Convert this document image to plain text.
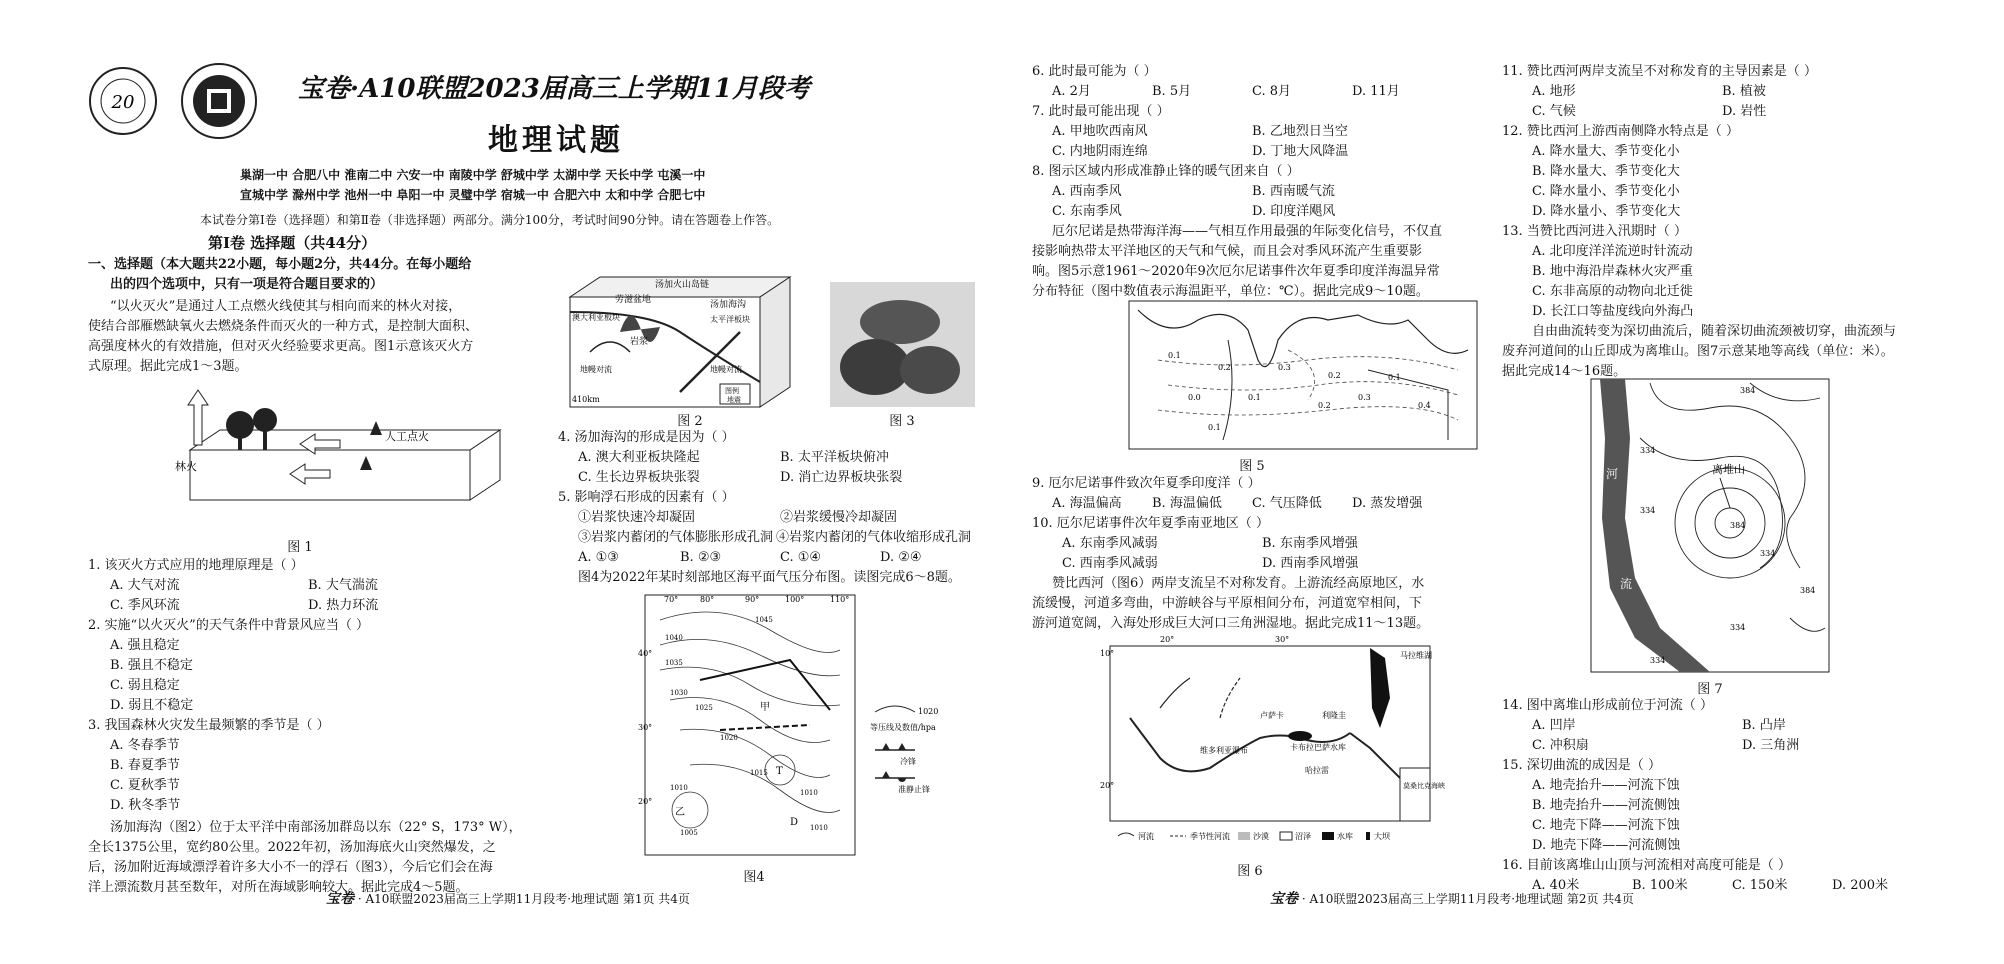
20	宝卷·A10联盟2023届高三上学期11月段考
地理试题
巢湖一中 合肥八中 淮南二中 六安一中 南陵中学 舒城中学 太湖中学 天长中学 屯溪一中
宣城中学 滁州中学 池州一中 阜阳一中 灵璧中学 宿城一中 合肥六中 太和中学 合肥七中
本试卷分第Ⅰ卷（选择题）和第Ⅱ卷（非选择题）两部分。满分100分，考试时间90分钟。请在答题卷上作答。
第Ⅰ卷 选择题（共44分）
一、选择题（本大题共22小题，每小题2分，共44分。在每小题给
出的四个选项中，只有一项是符合题目要求的）
“以火灭火”是通过人工点燃火线使其与相向而来的林火对接，
使结合部雁燃缺氧火去燃烧条件而灭火的一种方式，是控制大面积、
高强度林火的有效措施，但对灭火经验要求更高。图1示意该灭火方
式原理。据此完成1～3题。
林火
人工点火
图 1
1. 该灭火方式应用的地理原理是（ ）
A. 大气对流	B. 大气湍流
C. 季风环流	D. 热力环流
2. 实施“以火灭火”的天气条件中背景风应当（ ）
A. 强且稳定
B. 强且不稳定
C. 弱且稳定
D. 弱且不稳定
3. 我国森林火灾发生最频繁的季节是（ ）
A. 冬春季节
B. 春夏季节
C. 夏秋季节
D. 秋冬季节
汤加海沟（图2）位于太平洋中南部汤加群岛以东（22° S，173° W），
全长1375公里，宽约80公里。2022年初，汤加海底火山突然爆发，之
后，汤加附近海域漂浮着许多大小不一的浮石（图3），今后它们会在海
洋上漂流数月甚至数年，对所在海域影响较大。据此完成4～5题。
汤加火山岛链
汤加海沟
劳滋盆地
澳大利亚板块	太平洋板块
岩浆
地幔对流	地幔对流
410km
图例
地震
图 2	图 3
4. 汤加海沟的形成是因为（ ）
A. 澳大利亚板块隆起	B. 太平洋板块俯冲
C. 生长边界板块张裂	D. 消亡边界板块张裂
5. 影响浮石形成的因素有（ ）
①岩浆快速冷却凝固	②岩浆缓慢冷却凝固
③岩浆内蓄闭的气体膨胀形成孔洞 ④岩浆内蓄闭的气体收缩形成孔洞
A. ①③	B. ②③	C. ①④	D. ②④
图4为2022年某时刻部地区海平面气压分布图。读图完成6～8题。
70°	80°	90°	100°	110°
40°
30°
20°
1045
1040
1035
1030
1025
1020
1015
1010
1005
1010
1010
甲
乙
T
D
1020
等压线及数值/hpa
冷锋
准静止锋
图4
宝卷 · A10联盟2023届高三上学期11月段考·地理试题 第1页 共4页
6. 此时最可能为（ ）
A. 2月	B. 5月	C. 8月	D. 11月
7. 此时最可能出现（ ）
A. 甲地吹西南风	B. 乙地烈日当空
C. 内地阴雨连绵	D. 丁地大风降温
8. 图示区域内形成准静止锋的暖气团来自（ ）
A. 西南季风	B. 西南暖气流
C. 东南季风	D. 印度洋飓风
厄尔尼诺是热带海洋海——气相互作用最强的年际变化信号，不仅直
接影响热带太平洋地区的天气和气候，而且会对季风环流产生重要影
响。图5示意1961～2020年9次厄尔尼诺事件次年夏季印度洋海温异常
分布特征（图中数值表示海温距平，单位：℃）。据此完成9～10题。
0.1
0.2	0.3
0.2	0.1
0.0	0.1
0.2
0.3
0.4
0.1
图 5
9. 厄尔尼诺事件致次年夏季印度洋（ ）
A. 海温偏高 B. 海温偏低 C. 气压降低 D. 蒸发增强
10. 厄尔尼诺事件次年夏季南亚地区（ ）
A. 东南季风减弱	B. 东南季风增强
C. 西南季风减弱	D. 西南季风增强
赞比西河（图6）两岸支流呈不对称发育。上游流经高原地区，水
流缓慢，河道多弯曲，中游峡谷与平原相间分布，河道宽窄相间，下
游河道宽阔，入海处形成巨大河口三角洲湿地。据此完成11～13题。
20°	30°
10°
20°
维多利亚瀑布	卡布拉巴萨水库
利隆圭
哈拉雷
马拉维湖
莫桑比克海峡
卢萨卡
河流	季节性河流	沙漠	沼泽	水库	大坝
图 6
宝卷 · A10联盟2023届高三上学期11月段考·地理试题 第2页 共4页
11. 赞比西河两岸支流呈不对称发育的主导因素是（ ）
A. 地形	B. 植被
C. 气候	D. 岩性
12. 赞比西河上游西南侧降水特点是（ ）
A. 降水量大、季节变化小
B. 降水量大、季节变化大
C. 降水量小、季节变化小
D. 降水量小、季节变化大
13. 当赞比西河进入汛期时（ ）
A. 北印度洋洋流逆时针流动
B. 地中海沿岸森林火灾严重
C. 东非高原的动物向北迁徙
D. 长江口等盐度线向外海凸
自由曲流转变为深切曲流后，随着深切曲流颈被切穿，曲流颈与
废弃河道间的山丘即成为离堆山。图7示意某地等高线（单位：米）。
据此完成14～16题。
离堆山
河
流
384
334
334
384
334
384
334
334
图 7
14. 图中离堆山形成前位于河流（ ）
A. 凹岸	B. 凸岸
C. 冲积扇	D. 三角洲
15. 深切曲流的成因是（ ）
A. 地壳抬升——河流下蚀
B. 地壳抬升——河流侧蚀
C. 地壳下降——河流下蚀
D. 地壳下降——河流侧蚀
16. 目前该离堆山山顶与河流相对高度可能是（ ）
A. 40米	B. 100米	C. 150米	D. 200米
